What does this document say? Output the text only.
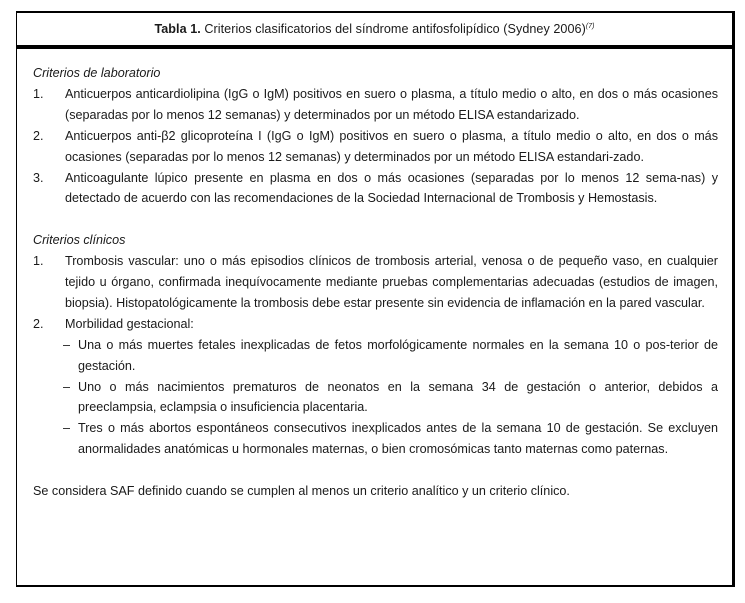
Tabla 1. Criterios clasificatorios del síndrome antifosfolipídico (Sydney 2006)$^{(7)}$
Criterios de laboratorio
1. Anticuerpos anticardiolipina (IgG o IgM) positivos en suero o plasma, a título medio o alto, en dos o más ocasiones (separadas por lo menos 12 semanas) y determinados por un método ELISA estandarizado.
2. Anticuerpos anti-β2 glicoproteína I (IgG o IgM) positivos en suero o plasma, a título medio o alto, en dos o más ocasiones (separadas por lo menos 12 semanas) y determinados por un método ELISA estandari-zado.
3. Anticoagulante lúpico presente en plasma en dos o más ocasiones (separadas por lo menos 12 sema-nas) y detectado de acuerdo con las recomendaciones de la Sociedad Internacional de Trombosis y Hemostasis.
Criterios clínicos
1. Trombosis vascular: uno o más episodios clínicos de trombosis arterial, venosa o de pequeño vaso, en cualquier tejido u órgano, confirmada inequívocamente mediante pruebas complementarias adecuadas (estudios de imagen, biopsia). Histopatológicamente la trombosis debe estar presente sin evidencia de inflamación en la pared vascular.
2. Morbilidad gestacional:
– Una o más muertes fetales inexplicadas de fetos morfológicamente normales en la semana 10 o pos-terior de gestación.
– Uno o más nacimientos prematuros de neonatos en la semana 34 de gestación o anterior, debidos a preeclampsia, eclampsia o insuficiencia placentaria.
– Tres o más abortos espontáneos consecutivos inexplicados antes de la semana 10 de gestación. Se excluyen anormalidades anatómicas u hormonales maternas, o bien cromosómicas tanto maternas como paternas.
Se considera SAF definido cuando se cumplen al menos un criterio analítico y un criterio clínico.
